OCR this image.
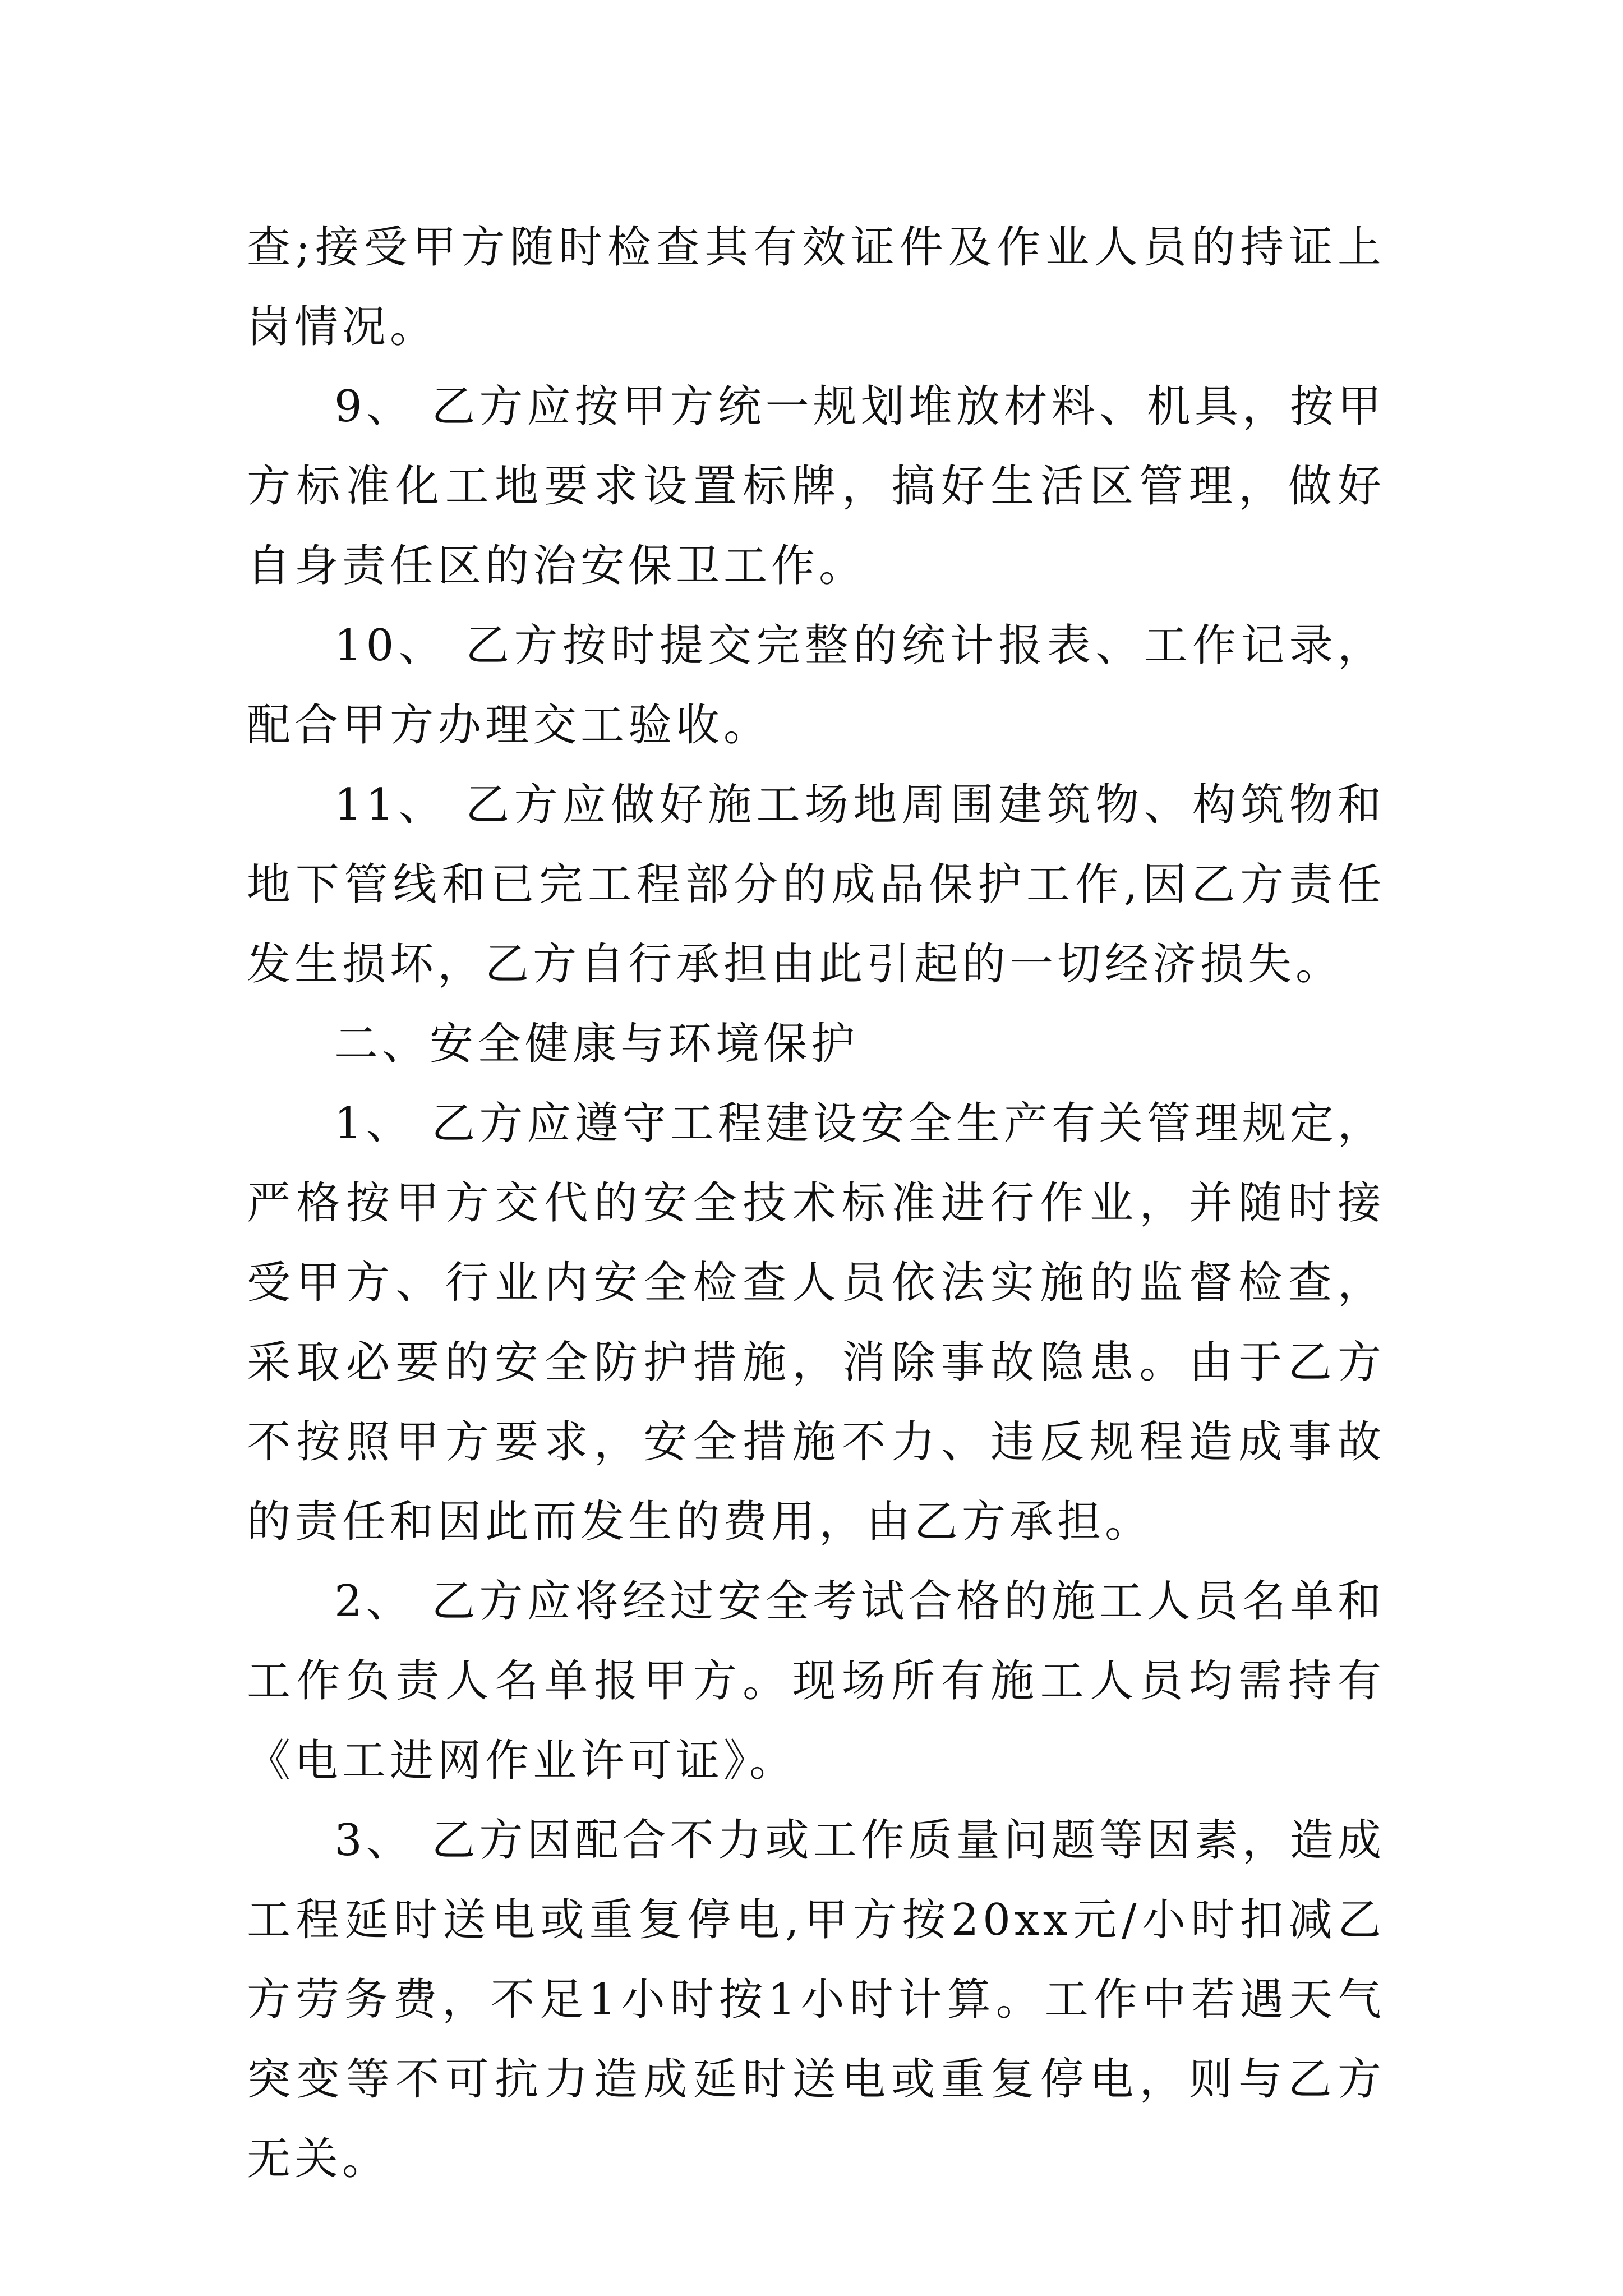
查;接受甲方随时检查其有效证件及作业人员的持证上岗情况。

9、 乙方应按甲方统一规划堆放材料、机具，按甲方标准化工地要求设置标牌，搞好生活区管理，做好自身责任区的治安保卫工作。

10、 乙方按时提交完整的统计报表、工作记录，配合甲方办理交工验收。

11、 乙方应做好施工场地周围建筑物、构筑物和地下管线和已完工程部分的成品保护工作,因乙方责任发生损坏，乙方自行承担由此引起的一切经济损失。

二、安全健康与环境保护

1、 乙方应遵守工程建设安全生产有关管理规定，严格按甲方交代的安全技术标准进行作业，并随时接受甲方、行业内安全检查人员依法实施的监督检查，采取必要的安全防护措施，消除事故隐患。由于乙方不按照甲方要求，安全措施不力、违反规程造成事故的责任和因此而发生的费用，由乙方承担。

2、 乙方应将经过安全考试合格的施工人员名单和工作负责人名单报甲方。现场所有施工人员均需持有《电工进网作业许可证》。

3、 乙方因配合不力或工作质量问题等因素，造成工程延时送电或重复停电,甲方按20xx元/小时扣减乙方劳务费，不足1小时按1小时计算。工作中若遇天气突变等不可抗力造成延时送电或重复停电，则与乙方无关。
